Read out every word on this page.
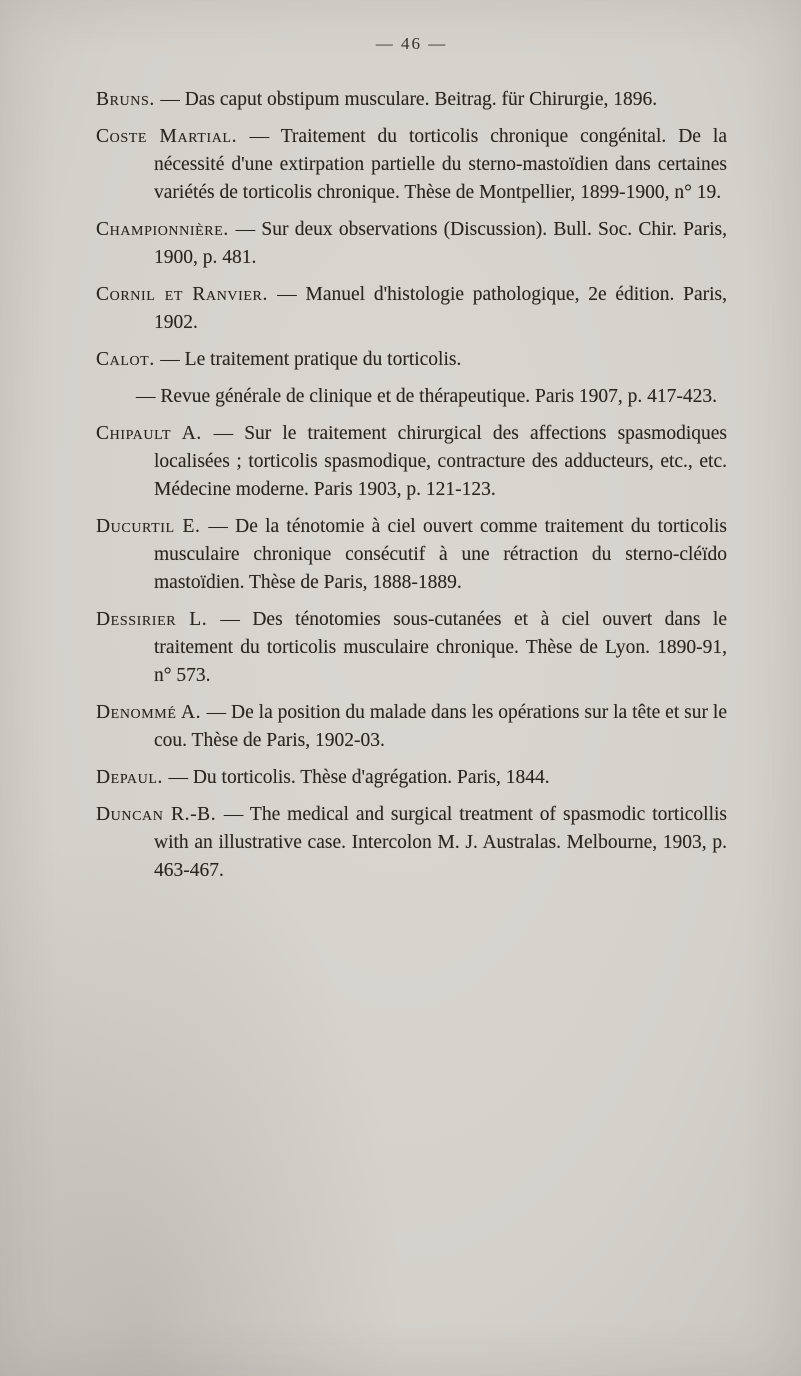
— 46 —

Bruns. — Das caput obstipum musculare. Beitrag. für Chirurgie, 1896.

Coste Martial. — Traitement du torticolis chronique congénital. De la nécessité d'une extirpation partielle du sterno-mastoïdien dans certaines variétés de torticolis chronique. Thèse de Montpellier, 1899-1900, n° 19.

Championnière. — Sur deux observations (Discussion). Bull. Soc. Chir. Paris, 1900, p. 481.

Cornil et Ranvier. — Manuel d'histologie pathologique, 2e édition. Paris, 1902.

Calot. — Le traitement pratique du torticolis.

— Revue générale de clinique et de thérapeutique. Paris 1907, p. 417-423.

Chipault A. — Sur le traitement chirurgical des affections spasmodiques localisées ; torticolis spasmodique, contracture des adducteurs, etc., etc. Médecine moderne. Paris 1903, p. 121-123.

Ducurtil E. — De la ténotomie à ciel ouvert comme traitement du torticolis musculaire chronique consécutif à une rétraction du sterno-cléïdo mastoïdien. Thèse de Paris, 1888-1889.

Dessirier L. — Des ténotomies sous-cutanées et à ciel ouvert dans le traitement du torticolis musculaire chronique. Thèse de Lyon. 1890-91, n° 573.

Denommé A. — De la position du malade dans les opérations sur la tête et sur le cou. Thèse de Paris, 1902-03.

Depaul. — Du torticolis. Thèse d'agrégation. Paris, 1844.

Duncan R.-B. — The medical and surgical treatment of spasmodic torticollis with an illustrative case. Intercolon M. J. Australas. Melbourne, 1903, p. 463-467.
